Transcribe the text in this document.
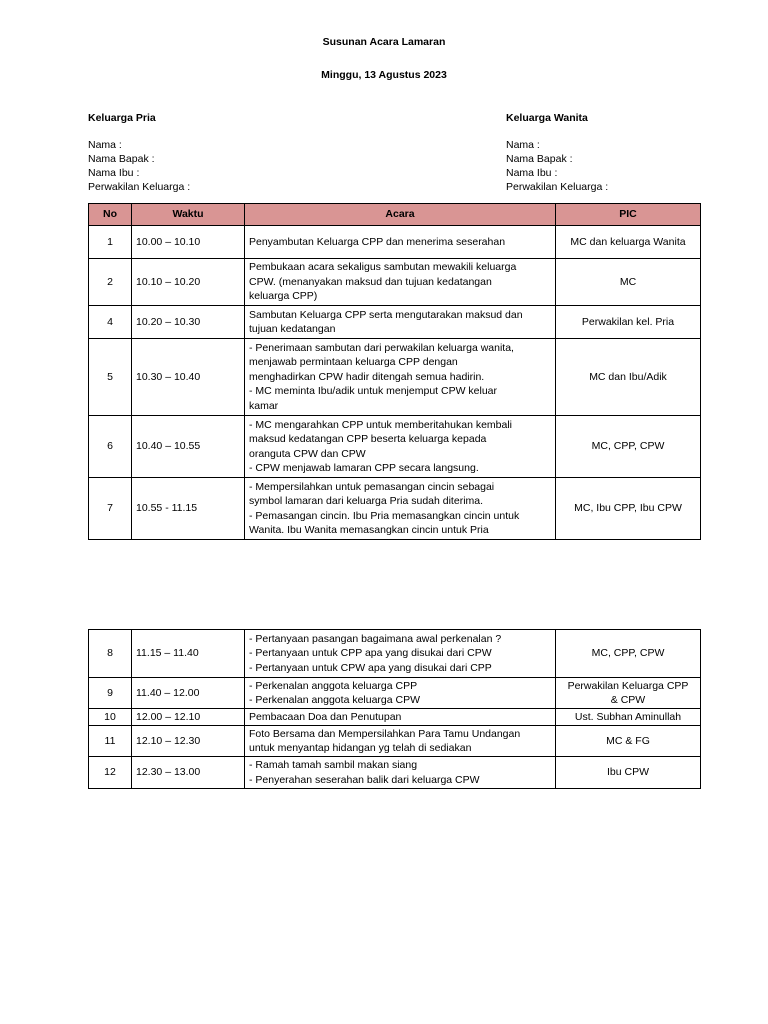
Susunan Acara Lamaran
Minggu, 13 Agustus 2023
Keluarga Pria
Nama :
Nama Bapak :
Nama Ibu :
Perwakilan Keluarga :
Keluarga Wanita
Nama :
Nama Bapak :
Nama Ibu :
Perwakilan Keluarga :
No	Waktu	Acara	PIC
1	10.00 – 10.10	Penyambutan Keluarga CPP dan menerima seserahan	MC dan keluarga Wanita

2	10.10 – 10.20	Pembukaan acara sekaligus sambutan mewakili keluarga
CPW. (menanyakan maksud dan tujuan kedatangan
keluarga CPP)	MC

4	10.20 – 10.30	Sambutan Keluarga CPP serta mengutarakan maksud dan
tujuan kedatangan	Perwakilan kel. Pria

5	10.30 – 10.40	- Penerimaan sambutan dari perwakilan keluarga wanita,
menjawab permintaan keluarga CPP dengan
menghadirkan CPW hadir ditengah semua hadirin.
- MC meminta Ibu/adik untuk menjemput CPW keluar
kamar	MC dan Ibu/Adik

6	10.40 – 10.55	- MC mengarahkan CPP untuk memberitahukan kembali
maksud kedatangan CPP beserta keluarga kepada
oranguta CPW dan CPW
- CPW menjawab lamaran CPP secara langsung.	MC, CPP, CPW

7	10.55 - 11.15	- Mempersilahkan untuk pemasangan cincin sebagai
symbol lamaran dari keluarga Pria sudah diterima.
- Pemasangan cincin. Ibu Pria memasangkan cincin untuk
Wanita. Ibu Wanita memasangkan cincin untuk Pria	MC, Ibu CPP, Ibu CPW
8	11.15 – 11.40	- Pertanyaan pasangan bagaimana awal perkenalan ?
- Pertanyaan untuk CPP apa yang disukai dari CPW
- Pertanyaan untuk CPW apa yang disukai dari CPP	MC, CPP, CPW

9	11.40 – 12.00	- Perkenalan anggota keluarga CPP
- Perkenalan anggota keluarga CPW	Perwakilan Keluarga CPP
& CPW

10	12.00 – 12.10	Pembacaan Doa dan Penutupan	Ust. Subhan Aminullah

11	12.10 – 12.30	Foto Bersama dan Mempersilahkan Para Tamu Undangan
untuk menyantap hidangan yg telah di sediakan	MC & FG

12	12.30 – 13.00	- Ramah tamah sambil makan siang
- Penyerahan seserahan balik dari keluarga CPW	Ibu CPW
